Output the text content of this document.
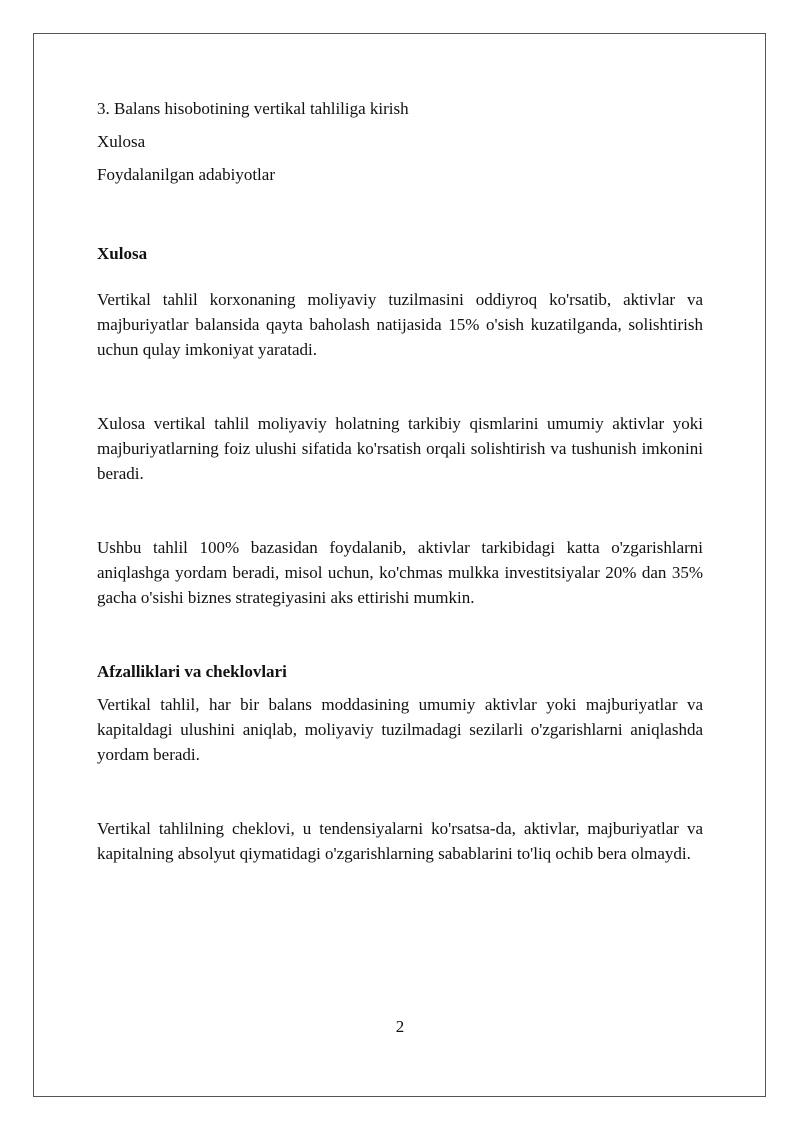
3. Balans hisobotining vertikal tahliliga kirish

Xulosa

Foydalanilgan adabiyotlar

Xulosa

Vertikal tahlil korxonaning moliyaviy tuzilmasini oddiyroq ko'rsatib, aktivlar va majburiyatlar balansida qayta baholash natijasida 15% o'sish kuzatilganda, solishtirish uchun qulay imkoniyat yaratadi.

Xulosa vertikal tahlil moliyaviy holatning tarkibiy qismlarini umumiy aktivlar yoki majburiyatlarning foiz ulushi sifatida ko'rsatish orqali solishtirish va tushunish imkonini beradi.

Ushbu tahlil 100% bazasidan foydalanib, aktivlar tarkibidagi katta o'zgarishlarni aniqlashga yordam beradi, misol uchun, ko'chmas mulkka investitsiyalar 20% dan 35% gacha o'sishi biznes strategiyasini aks ettirishi mumkin.

Afzalliklari va cheklovlari

Vertikal tahlil, har bir balans moddasining umumiy aktivlar yoki majburiyatlar va kapitaldagi ulushini aniqlab, moliyaviy tuzilmadagi sezilarli o'zgarishlarni aniqlashda yordam beradi.

Vertikal tahlilning cheklovi, u tendensiyalarni ko'rsatsa-da, aktivlar, majburiyatlar va kapitalning absolyut qiymatidagi o'zgarishlarning sabablarini to'liq ochib bera olmaydi.

2
